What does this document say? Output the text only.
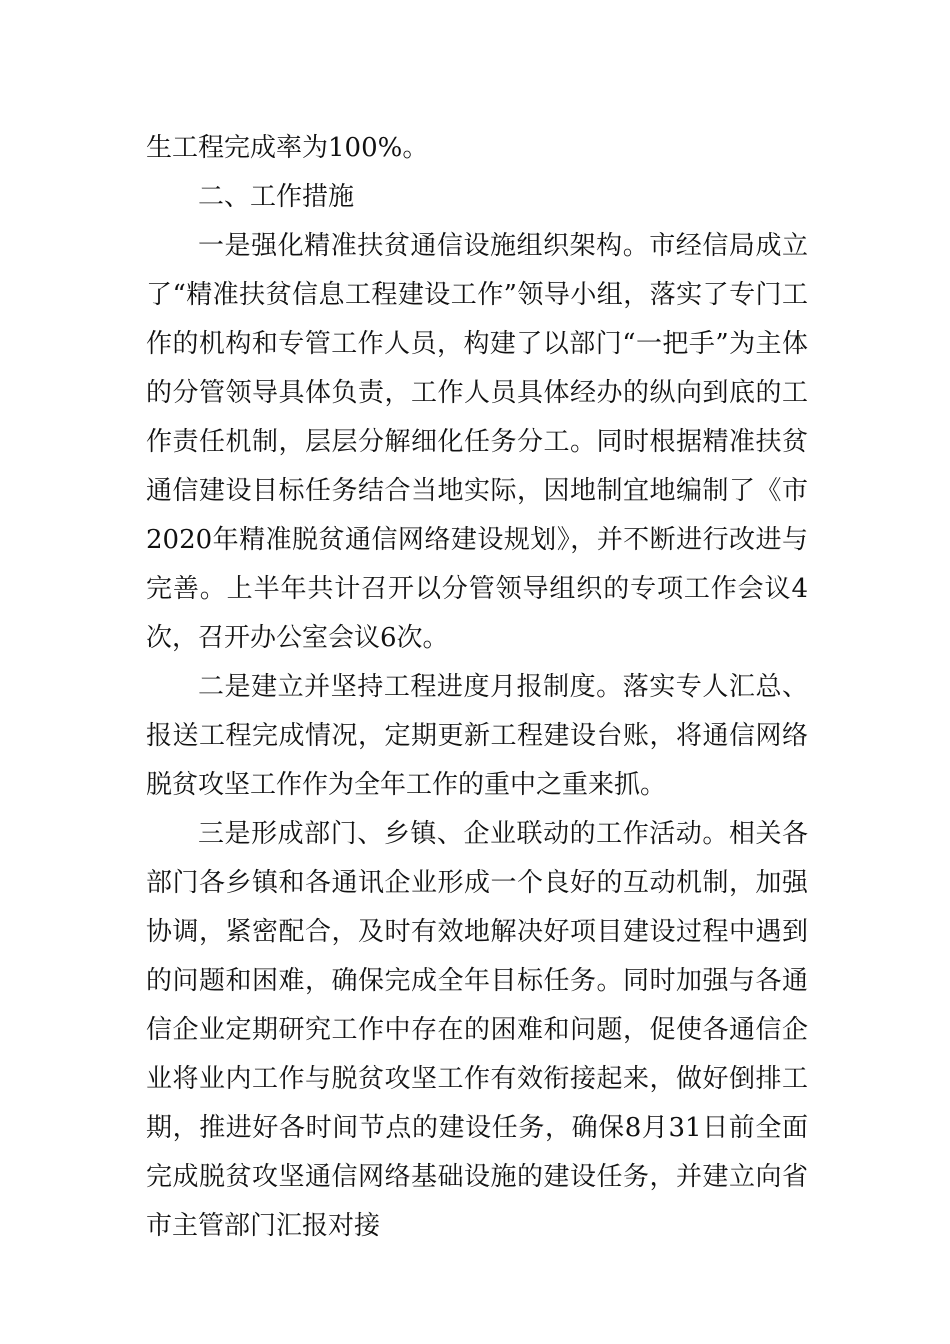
生工程完成率为100%。

二、工作措施

一是强化精准扶贫通信设施组织架构。市经信局成立了“精准扶贫信息工程建设工作”领导小组，落实了专门工作的机构和专管工作人员，构建了以部门“一把手”为主体的分管领导具体负责，工作人员具体经办的纵向到底的工作责任机制，层层分解细化任务分工。同时根据精准扶贫通信建设目标任务结合当地实际，因地制宜地编制了《市2020年精准脱贫通信网络建设规划》，并不断进行改进与完善。上半年共计召开以分管领导组织的专项工作会议4次，召开办公室会议6次。

二是建立并坚持工程进度月报制度。落实专人汇总、报送工程完成情况，定期更新工程建设台账，将通信网络脱贫攻坚工作作为全年工作的重中之重来抓。

三是形成部门、乡镇、企业联动的工作活动。相关各部门各乡镇和各通讯企业形成一个良好的互动机制，加强协调，紧密配合，及时有效地解决好项目建设过程中遇到的问题和困难，确保完成全年目标任务。同时加强与各通信企业定期研究工作中存在的困难和问题，促使各通信企业将业内工作与脱贫攻坚工作有效衔接起来，做好倒排工期，推进好各时间节点的建设任务，确保8月31日前全面完成脱贫攻坚通信网络基础设施的建设任务，并建立向省市主管部门汇报对接
